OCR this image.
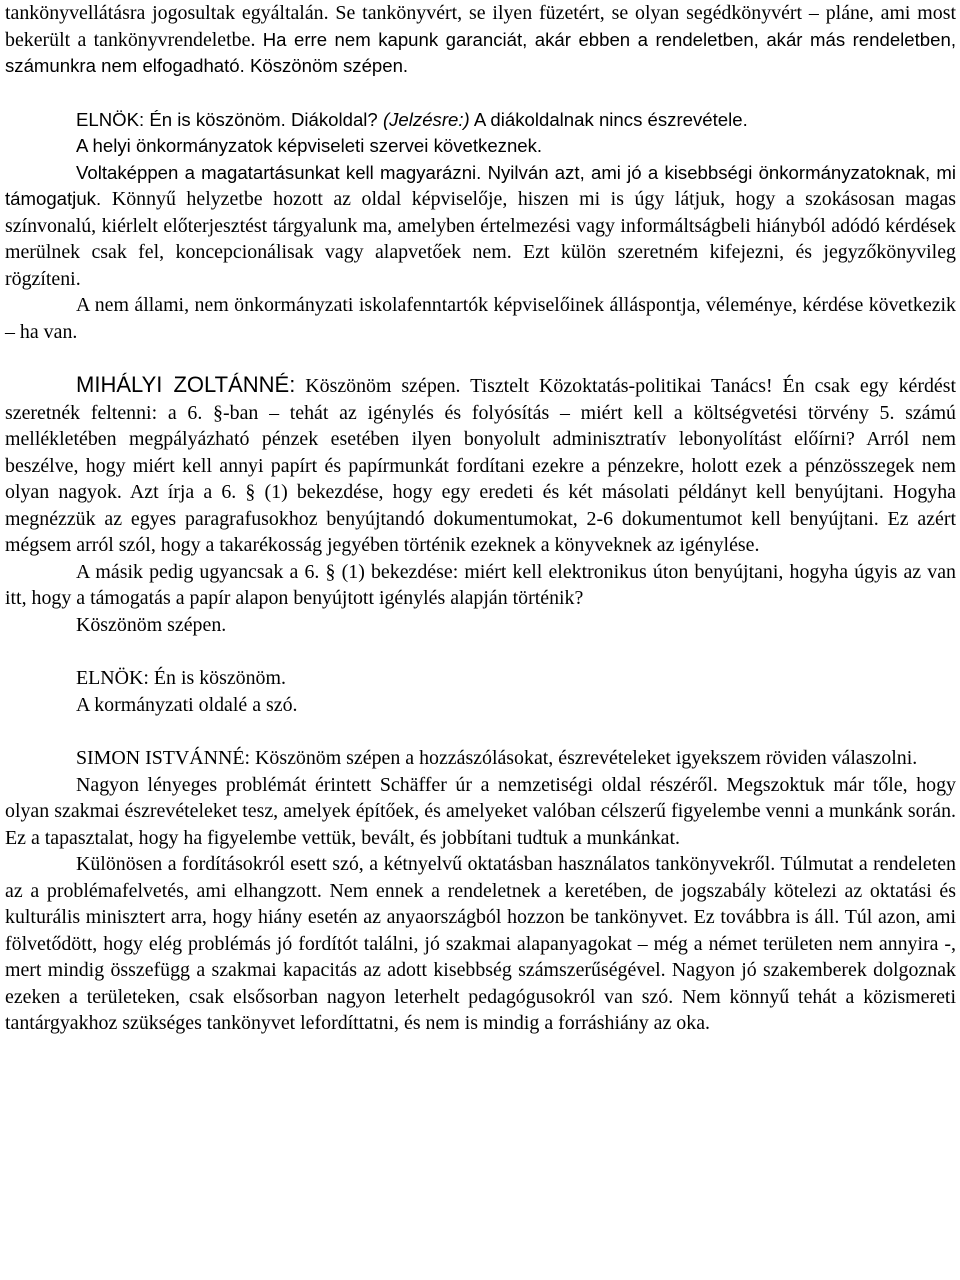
tankönyvellátásra jogosultak egyáltalán. Se tankönyvért, se ilyen füzetért, se olyan segédkönyvért – pláne, ami most bekerült a tankönyvrendeletbe. Ha erre nem kapunk garanciát, akár ebben a rendeletben, akár más rendeletben, számunkra nem elfogadható. Köszönöm szépen.

ELNÖK: Én is köszönöm. Diákoldal? (Jelzésre:) A diákoldalnak nincs észrevétele.

A helyi önkormányzatok képviseleti szervei következnek.

Voltaképpen a magatartásunkat kell magyarázni. Nyilván azt, ami jó a kisebbségi önkormányzatoknak, mi támogatjuk. Könnyű helyzetbe hozott az oldal képviselője, hiszen mi is úgy látjuk, hogy a szokásosan magas színvonalú, kiérlelt előterjesztést tárgyalunk ma, amelyben értelmezési vagy informáltságbeli hiányból adódó kérdések merülnek csak fel, koncepcionálisak vagy alapvetőek nem. Ezt külön szeretném kifejezni, és jegyzőkönyvileg rögzíteni.

A nem állami, nem önkormányzati iskolafenntartók képviselőinek álláspontja, véleménye, kérdése következik – ha van.

MIHÁLYI ZOLTÁNNÉ: Köszönöm szépen. Tisztelt Közoktatás-politikai Tanács! Én csak egy kérdést szeretnék feltenni: a 6. §-ban – tehát az igénylés és folyósítás – miért kell a költségvetési törvény 5. számú mellékletében megpályázható pénzek esetében ilyen bonyolult adminisztratív lebonyolítást előírni? Arról nem beszélve, hogy miért kell annyi papírt és papírmunkát fordítani ezekre a pénzekre, holott ezek a pénzösszegek nem olyan nagyok. Azt írja a 6. § (1) bekezdése, hogy egy eredeti és két másolati példányt kell benyújtani. Hogyha megnézzük az egyes paragrafusokhoz benyújtandó dokumentumokat, 2-6 dokumentumot kell benyújtani. Ez azért mégsem arról szól, hogy a takarékosság jegyében történik ezeknek a könyveknek az igénylése.

A másik pedig ugyancsak a 6. § (1) bekezdése: miért kell elektronikus úton benyújtani, hogyha úgyis az van itt, hogy a támogatás a papír alapon benyújtott igénylés alapján történik?

Köszönöm szépen.

ELNÖK: Én is köszönöm.

A kormányzati oldalé a szó.

SIMON ISTVÁNNÉ: Köszönöm szépen a hozzászólásokat, észrevételeket igyekszem röviden válaszolni.

Nagyon lényeges problémát érintett Schäffer úr a nemzetiségi oldal részéről. Megszoktuk már tőle, hogy olyan szakmai észrevételeket tesz, amelyek építőek, és amelyeket valóban célszerű figyelembe venni a munkánk során. Ez a tapasztalat, hogy ha figyelembe vettük, bevált, és jobbítani tudtuk a munkánkat.

Különösen a fordításokról esett szó, a kétnyelvű oktatásban használatos tankönyvekről. Túlmutat a rendeleten az a problémafelvetés, ami elhangzott. Nem ennek a rendeletnek a keretében, de jogszabály kötelezi az oktatási és kulturális minisztert arra, hogy hiány esetén az anyaországból hozzon be tankönyvet. Ez továbbra is áll. Túl azon, ami fölvetődött, hogy elég problémás jó fordítót találni, jó szakmai alapanyagokat – még a német területen nem annyira -, mert mindig összefügg a szakmai kapacitás az adott kisebbség számszerűségével. Nagyon jó szakemberek dolgoznak ezeken a területeken, csak elsősorban nagyon leterhelt pedagógusokról van szó. Nem könnyű tehát a közismereti tantárgyakhoz szükséges tankönyvet lefordíttatni, és nem is mindig a forráshiány az oka.
